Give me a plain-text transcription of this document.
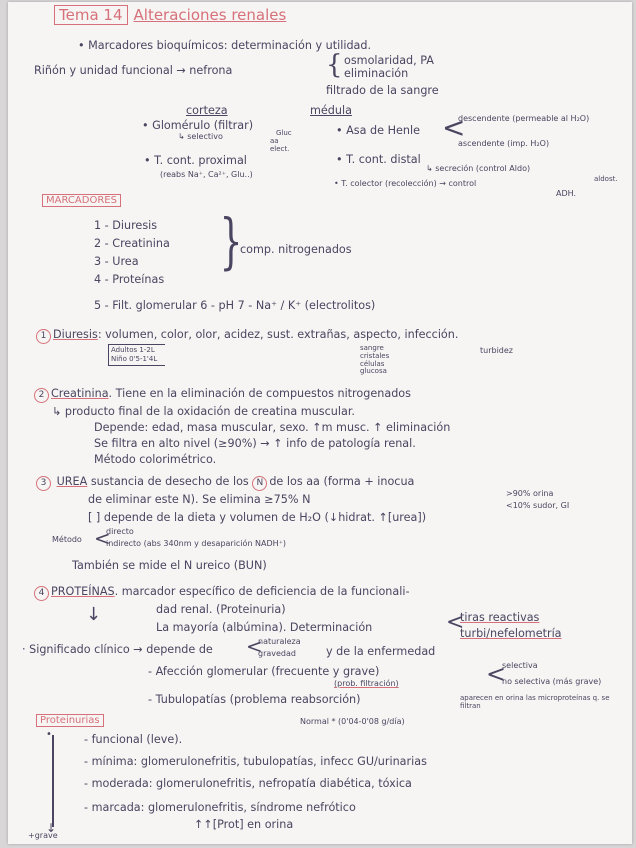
Tema 14 Alteraciones renales
• Marcadores bioquímicos: determinación y utilidad.
Riñón y unidad funcional → nefrona	{ osmolaridad, PA
eliminación
filtrado de la sangre
corteza	médula
• Glomérulo (filtrar)
↳ selectivo	Gluc
aa
elect.
• T. cont. proximal
(reabs Na⁺, Ca²⁺, Glu..)
• Asa de Henle <
descendente (permeable al H₂O)
ascendente (imp. H₂O)
• T. cont. distal
↳ secreción (control Aldo)
aldost.
• T. colector (recolección) → control
ADH.
MARCADORES
1 - Diuresis
2 - Creatinina
3 - Urea
4 - Proteínas {
comp. nitrogenados
5 - Filt. glomerular 6 - pH 7 - Na⁺ / K⁺ (electrolitos)
1 Diuresis: volumen, color, olor, acidez, sust. extrañas, aspecto, infección.
Adultos 1-2L
Niño 0'5-1'4L
sangre
cristales
células
glucosa
turbidez
2 Creatinina. Tiene en la eliminación de compuestos nitrogenados
↳ producto final de la oxidación de creatina muscular.
Depende: edad, masa muscular, sexo. ↑m musc. ↑ eliminación
Se filtra en alto nivel (≥90%) → ↑ info de patología renal.
Método colorimétrico.
3 UREA sustancia de desecho de los N de los aa (forma + inocua
de eliminar este N). Se elimina ≥75% N	>90% orina
<10% sudor, GI
[ ] depende de la dieta y volumen de H₂O (↓hidrat. ↑[urea])
Método <
directo
indirecto (abs 340nm y desaparición NADH⁺)
También se mide el N ureico (BUN)
4 PROTEÍNAS. marcador específico de deficiencia de la funcionali-
dad renal. (Proteinuria)
↓
La mayoría (albúmina). Determinación	<
tiras reactivas
turbi/nefelometría
· Significado clínico → depende de <
naturaleza
gravedad	y de la enfermedad
- Afección glomerular (frecuente y grave)
(prob. filtración)	<
selectiva
no selectiva (más grave)
- Tubulopatías (problema reabsorción)	aparecen en orina las microproteínas q. se filtran
Proteinurias	Normal * (0'04-0'08 g/día)
•
↓
- funcional (leve).
- mínima: glomerulonefritis, tubulopatías, infecc GU/urinarias
- moderada: glomerulonefritis, nefropatía diabética, tóxica
- marcada: glomerulonefritis, síndrome nefrótico
↑↑[Prot] en orina
+grave
